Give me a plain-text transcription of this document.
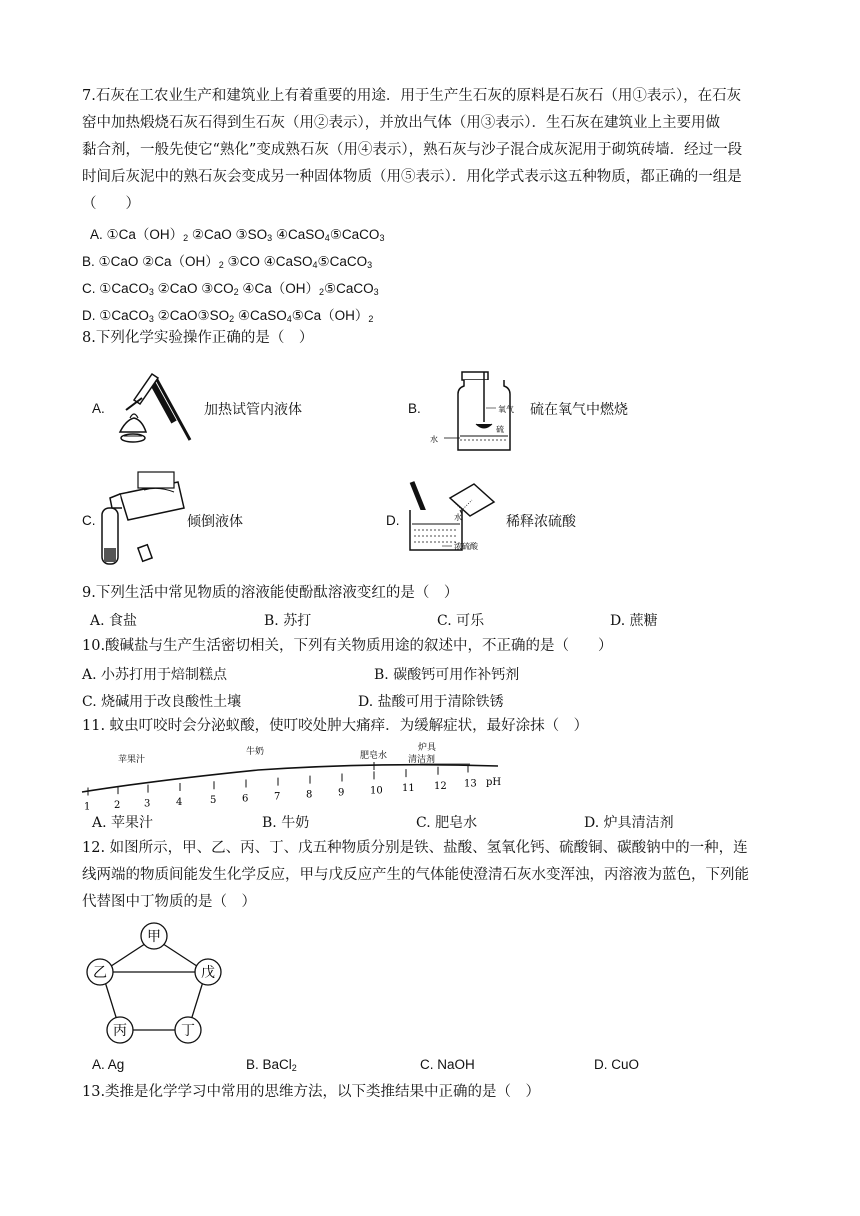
7.石灰在工农业生产和建筑业上有着重要的用途．用于生产生石灰的原料是石灰石（用①表示），在石灰
窑中加热煅烧石灰石得到生石灰（用②表示），并放出气体（用③表示）．生石灰在建筑业上主要用做
黏合剂，一般先使它“熟化”变成熟石灰（用④表示），熟石灰与沙子混合成灰泥用于砌筑砖墙．经过一段
时间后灰泥中的熟石灰会变成另一种固体物质（用⑤表示）．用化学式表示这五种物质，都正确的一组是
（　　）
A. $①Ca(OH)_2$ ②CaO $③SO_3$ ④CaSO$_4$⑤CaCO$_3$
B. ①CaO $②Ca(OH)_2$ ③CO ④CaSO$_4$⑤CaCO$_3$
C. ①CaCO$_3$ ②CaO $③CO_2$ $④Ca(OH)_2⑤CaCO_3$
D. ①CaCO$_3$ $②CaO③SO_2$ $④CaSO_4⑤Ca(OH)_2$
8.下列化学实验操作正确的是（　）
A.	加热试管内液体	B.	氧气
硫
水
硫在氧气中燃烧
C.	倾倒液体	D.	水
浓硫酸
稀释浓硫酸
9.下列生活中常见物质的溶液能使酚酞溶液变红的是（　）
A. 食盐	B. 苏打	C. 可乐	D. 蔗糖
10.酸碱盐与生产生活密切相关，下列有关物质用途的叙述中，不正确的是（　　）
A. 小苏打用于焙制糕点	B. 碳酸钙可用作补钙剂
C. 烧碱用于改良酸性土壤	D. 盐酸可用于清除铁锈
11. 蚊虫叮咬时会分泌蚁酸，使叮咬处肿大痛痒．为缓解症状，最好涂抹（　）
1 2 3	4	5	6	7	8	9	10 11 12 13 pH
苹果汁
牛奶	肥皂水
炉具
清洁剂
A. 苹果汁	B. 牛奶	C. 肥皂水	D. 炉具清洁剂
12. 如图所示，甲、乙、丙、丁、戊五种物质分别是铁、盐酸、氢氧化钙、硫酸铜、碳酸钠中的一种，连
线两端的物质间能发生化学反应，甲与戊反应产生的气体能使澄清石灰水变浑浊，丙溶液为蓝色，下列能
代替图中丁物质的是（　）
甲
乙	戊
丙	丁
A. Ag	B. BaCl$_2$	C. NaOH	D. CuO
13.类推是化学学习中常用的思维方法，以下类推结果中正确的是（　）
